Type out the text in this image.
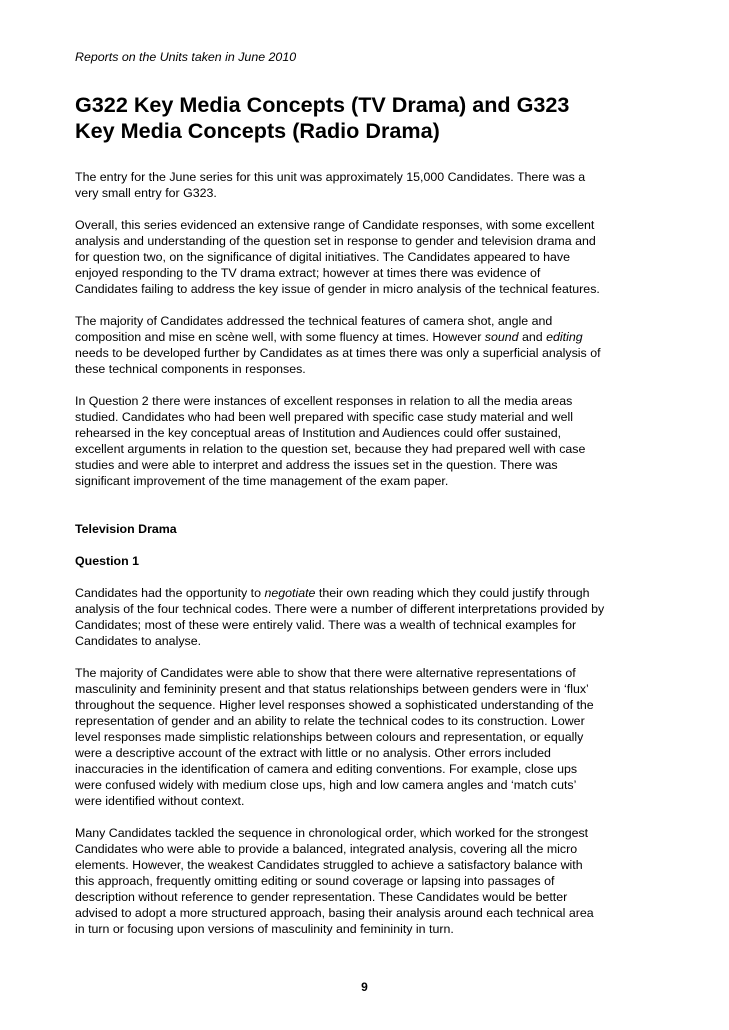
Reports on the Units taken in June 2010
G322 Key Media Concepts (TV Drama) and G323
Key Media Concepts (Radio Drama)

The entry for the June series for this unit was approximately 15,000 Candidates. There was a
very small entry for G323.

Overall, this series evidenced an extensive range of Candidate responses, with some excellent
analysis and understanding of the question set in response to gender and television drama and
for question two, on the significance of digital initiatives. The Candidates appeared to have
enjoyed responding to the TV drama extract; however at times there was evidence of
Candidates failing to address the key issue of gender in micro analysis of the technical features.

The majority of Candidates addressed the technical features of camera shot, angle and
composition and mise en scène well, with some fluency at times. However sound and editing
needs to be developed further by Candidates as at times there was only a superficial analysis of
these technical components in responses.

In Question 2 there were instances of excellent responses in relation to all the media areas
studied. Candidates who had been well prepared with specific case study material and well
rehearsed in the key conceptual areas of Institution and Audiences could offer sustained,
excellent arguments in relation to the question set, because they had prepared well with case
studies and were able to interpret and address the issues set in the question. There was
significant improvement of the time management of the exam paper.

Television Drama
Question 1

Candidates had the opportunity to negotiate their own reading which they could justify through
analysis of the four technical codes. There were a number of different interpretations provided by
Candidates; most of these were entirely valid. There was a wealth of technical examples for
Candidates to analyse.

The majority of Candidates were able to show that there were alternative representations of
masculinity and femininity present and that status relationships between genders were in ‘flux’
throughout the sequence. Higher level responses showed a sophisticated understanding of the
representation of gender and an ability to relate the technical codes to its construction. Lower
level responses made simplistic relationships between colours and representation, or equally
were a descriptive account of the extract with little or no analysis. Other errors included
inaccuracies in the identification of camera and editing conventions. For example, close ups
were confused widely with medium close ups, high and low camera angles and ‘match cuts’
were identified without context.

Many Candidates tackled the sequence in chronological order, which worked for the strongest
Candidates who were able to provide a balanced, integrated analysis, covering all the micro
elements. However, the weakest Candidates struggled to achieve a satisfactory balance with
this approach, frequently omitting editing or sound coverage or lapsing into passages of
description without reference to gender representation. These Candidates would be better
advised to adopt a more structured approach, basing their analysis around each technical area
in turn or focusing upon versions of masculinity and femininity in turn.

9
